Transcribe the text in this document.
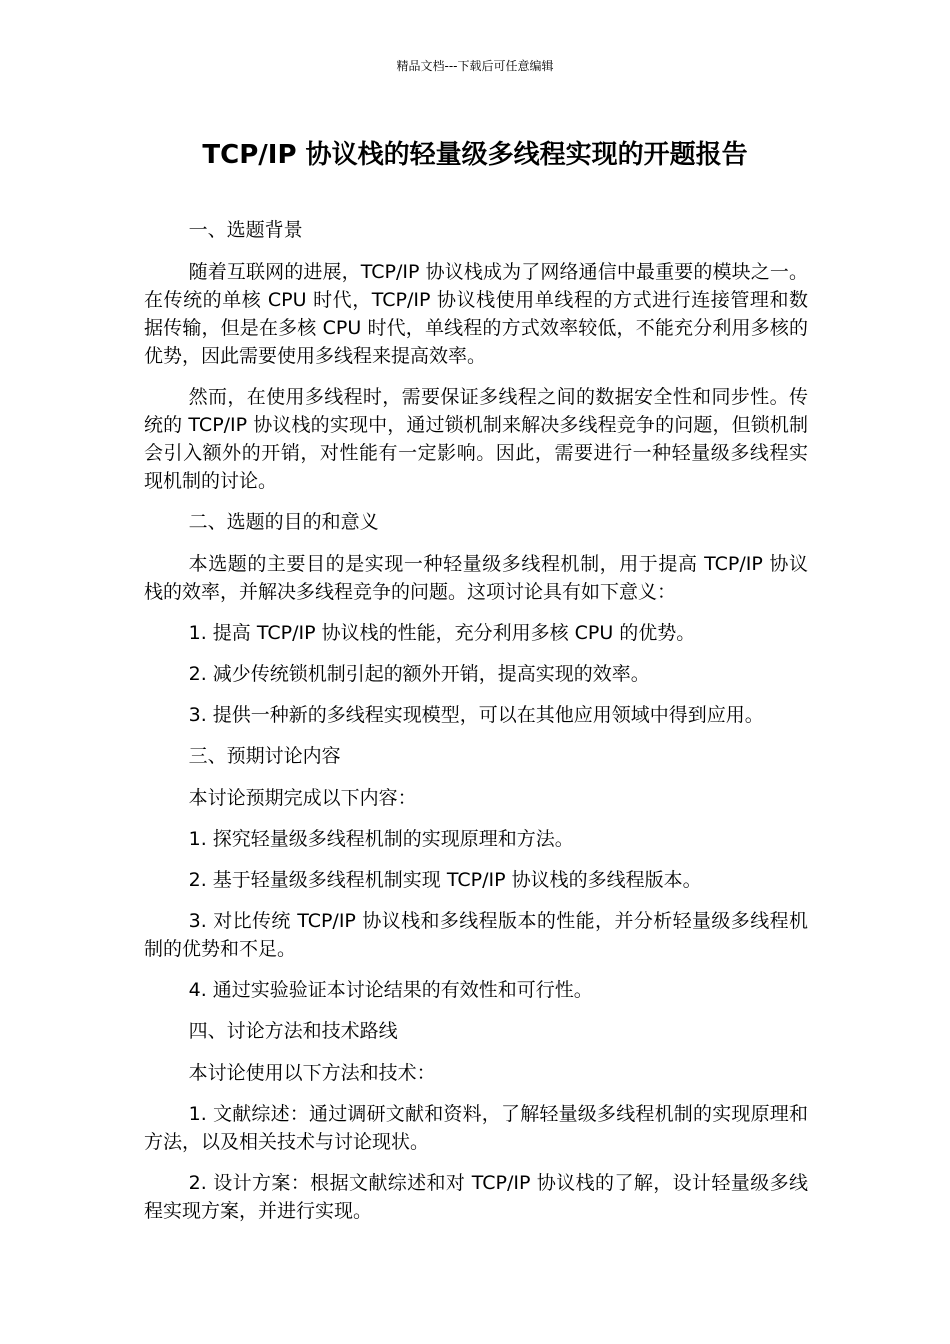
精品文档---下载后可任意编辑
TCP/IP 协议栈的轻量级多线程实现的开题报告

一、选题背景

随着互联网的进展，TCP/IP 协议栈成为了网络通信中最重要的模块之一。在传统的单核 CPU 时代，TCP/IP 协议栈使用单线程的方式进行连接管理和数据传输，但是在多核 CPU 时代，单线程的方式效率较低，不能充分利用多核的优势，因此需要使用多线程来提高效率。

然而，在使用多线程时，需要保证多线程之间的数据安全性和同步性。传统的 TCP/IP 协议栈的实现中，通过锁机制来解决多线程竞争的问题，但锁机制会引入额外的开销，对性能有一定影响。因此，需要进行一种轻量级多线程实现机制的讨论。

二、选题的目的和意义

本选题的主要目的是实现一种轻量级多线程机制，用于提高 TCP/IP 协议栈的效率，并解决多线程竞争的问题。这项讨论具有如下意义：

1. 提高 TCP/IP 协议栈的性能，充分利用多核 CPU 的优势。

2. 减少传统锁机制引起的额外开销，提高实现的效率。

3. 提供一种新的多线程实现模型，可以在其他应用领域中得到应用。

三、预期讨论内容

本讨论预期完成以下内容：

1. 探究轻量级多线程机制的实现原理和方法。

2. 基于轻量级多线程机制实现 TCP/IP 协议栈的多线程版本。

3. 对比传统 TCP/IP 协议栈和多线程版本的性能，并分析轻量级多线程机制的优势和不足。

4. 通过实验验证本讨论结果的有效性和可行性。

四、讨论方法和技术路线

本讨论使用以下方法和技术：

1. 文献综述：通过调研文献和资料，了解轻量级多线程机制的实现原理和方法，以及相关技术与讨论现状。

2. 设计方案：根据文献综述和对 TCP/IP 协议栈的了解，设计轻量级多线程实现方案，并进行实现。
